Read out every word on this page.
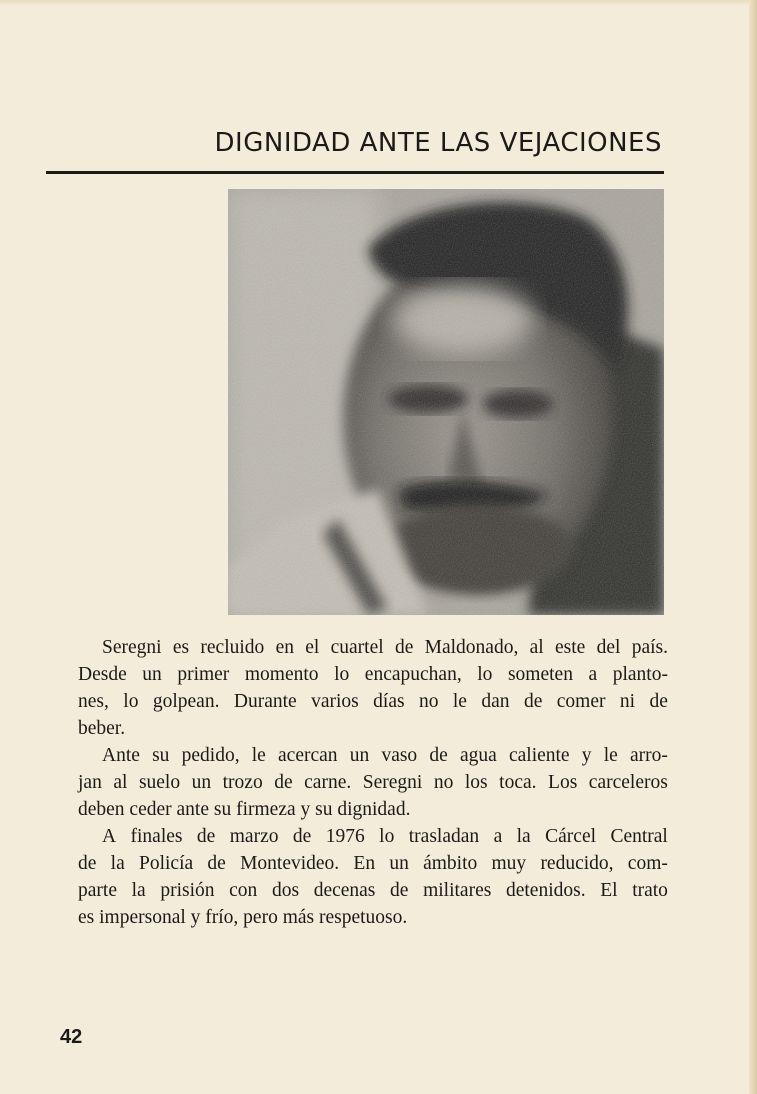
DIGNIDAD ANTE LAS VEJACIONES
Seregni es recluido en el cuartel de Maldonado, al este del país.
Desde un primer momento lo encapuchan, lo someten a planto-
nes, lo golpean. Durante varios días no le dan de comer ni de
beber.
Ante su pedido, le acercan un vaso de agua caliente y le arro-
jan al suelo un trozo de carne. Seregni no los toca. Los carceleros
deben ceder ante su firmeza y su dignidad.
A finales de marzo de 1976 lo trasladan a la Cárcel Central
de la Policía de Montevideo. En un ámbito muy reducido, com-
parte la prisión con dos decenas de militares detenidos. El trato
es impersonal y frío, pero más respetuoso.
42
